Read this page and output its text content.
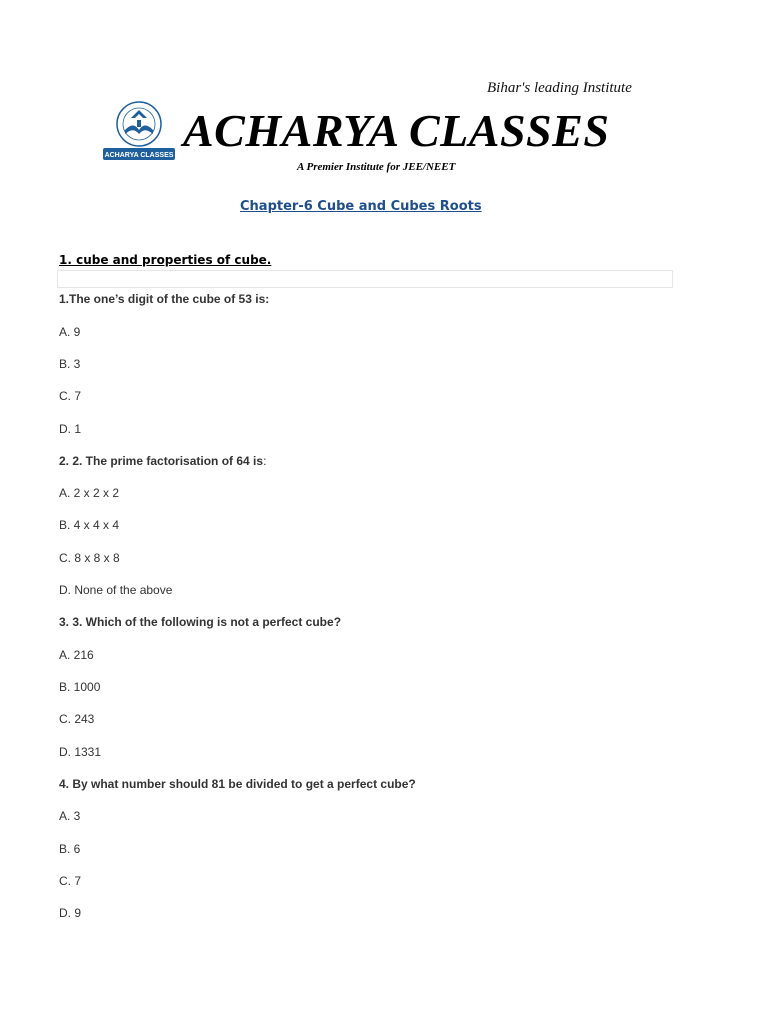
Bihar's leading Institute
ACHARYA CLASSES ACHARYA CLASSES
A Premier Institute for JEE/NEET
Chapter-6 Cube and Cubes Roots
1. cube and properties of cube.
1.The one’s digit of the cube of 53 is:
A. 9
B. 3
C. 7
D. 1
2. 2. The prime factorisation of 64 is:
A. 2 x 2 x 2
B. 4 x 4 x 4
C. 8 x 8 x 8
D. None of the above
3. 3. Which of the following is not a perfect cube?
A. 216
B. 1000
C. 243
D. 1331
4. By what number should 81 be divided to get a perfect cube?
A. 3
B. 6
C. 7
D. 9
